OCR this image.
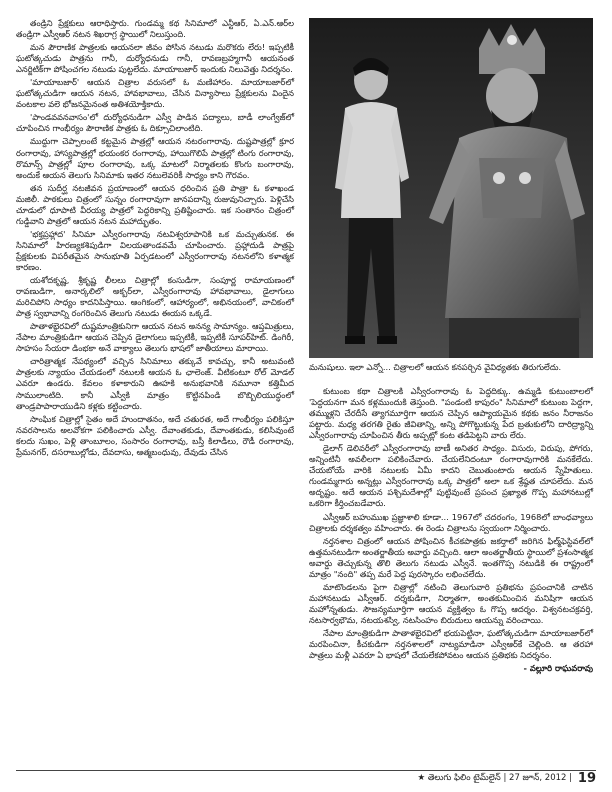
తండ్రిని ప్రేక్షకులు ఆరాధిస్తారు. గుండమ్మ కథ సినిమాలో ఎన్టీఆర్, ఏ.ఎన్.ఆర్‌ల తండ్రిగా ఎస్వీఆర్ నటన శిఖరాగ్ర స్థాయిలో నిలుస్తుంది.

మన పౌరాణిక పాత్రలకు ఆయనలా జీవం పోసిన నటుడు మరొకరు లేరు! ఇప్పటికీ ఘటోత్కచుడు పాత్రను గానీ, దుర్యోధనుడు గానీ, రావణబ్రహ్మగానీ ఆయనంత ఎనర్జిటిక్‌గా పోషించగల నటుడు పుట్టలేదు. మాయాబజార్ ఇందుకు నిలువెత్తు నిదర్శనం.

'మాయాబజార్' ఆయన చిత్రాల వరుసలో ఓ మణిహారం. మాయాబజార్‌లో ఘటోత్కచుడిగా ఆయన నటన, హావభావాలు, చేసిన విన్యాసాలు ప్రేక్షకులను విందైన వంటకాల వలె భోజనమైనంత అతిశయోక్తికాదు.

'పాండవవనవాసం'లో దుర్యోధనుడిగా ఎస్వీ పాడిన పద్యాలు, బాడీ లాంగ్వేజ్‌లో చూపించిన గాంభీర్యం పౌరాణిక పాత్రకు ఓ దిక్సూచిలాంటిది.

ముద్దుగా చెప్పాలంటే కట్టమైన పాత్రల్లో ఆయన నటరంగారావు. దుష్టపాత్రల్లో క్రూర రంగారావు, హాస్యపాత్రల్లో భయంకర రంగారావు, హాయిగొలిపే పాత్రల్లో టింగు రంగారావు, రొమాన్స్ పాత్రల్లో పూల రంగారావు, ఒక్క మాటలో నిర్మాతలకు కొంగు బంగారావు, అందుకే ఆయన తెలుగు సినిమాకు ఇతర నటులెవరికీ సాధ్యం కాని గౌరవం.

తన సుదీర్ఘ నటజీవన ప్రయాణంలో ఆయన ధరించిన ప్రతి పాత్రా ఓ కళాఖండ మజిలీ. పాఠకులు చిత్రంలో సున్నం రంగారావుగా జానపదాన్ని రుజువునిచ్చారు. పెళ్లిచేసి చూడులో ధూపాటి వీరయ్య పాత్రలో పెద్దరికాన్ని ప్రతిష్టించారు. ఇక సంతానం చిత్రంలో గుడ్డివాని పాత్రలో ఆయన నటన మహాద్భుతం.

'భక్తప్రహ్లాద' సినిమా ఎస్వీరంగారావు నటవిశ్వరూపానికి ఒక మచ్చుతునక. ఈ సినిమాలో హిరణ్యకశిపుడిగా విలయతాండవమే చూపించారు. ప్రహ్లాదుడి పాత్రపై ప్రేక్షకులకు విపరీతమైన సానుభూతి ఏర్పడటంలో ఎస్వీరంగారావు నటనలోని కళాత్మక కారణం.

యశోదకృష్ణ, శ్రీకృష్ణ లీలలు చిత్రాల్లో కంసుడిగా, సంపూర్ణ రామాయణంలో రావణుడిగా, అనార్కలిలో అక్బర్‌లా, ఎస్వీరంగారావు హావభావాలు, డైలాగులు మరిచిపోని సాధ్యం కాదనిపిస్తాయి. ఆంగికంలో, ఆహార్యంలో, అభినయంలో, వాచికంలో పాత్ర స్వభావాన్ని రంగరించిన తెలుగు నటుడు ఈయన ఒక్కడే.

పాతాళభైరవిలో దుష్టమాంత్రికునిగా ఆయన నటన అనన్య సామాన్యం. ఆప్తమిత్రులు, నేపాల మాంత్రికుడిగా ఆయన చెప్పిన డైలాగులు ఇప్పటికీ, ఇప్పటికీ సూపర్‌హిట్. డింగిరీ, సాహసం సేయరా డింభకా అనే వాక్యాలు తెలుగు భాషలో జాతీయాలు మారాయి.

చారిత్రాత్మక నేపథ్యంలో వచ్చిన సినిమాలు తక్కువే కావచ్చు, కానీ అటువంటి పాత్రలకు న్యాయం చేయడంలో నటులకి ఆయన ఓ ఛాలెంజ్. వీటికంటూ రోల్ మోడల్ ఎవరూ ఉండరు. కేవలం కళాకారుని ఊహకి అనుభవానికి నమూనా కత్తిమీద సాములాంటిది. కానీ ఎస్వీకి మాత్రం కొట్టినపిండి బొబ్బిలియుద్ధంలో తాండ్రపాపారాయుడిని కళ్లకు కట్టించారు.

సాంఘిక చిత్రాల్లో సైతం అదే హుందాతనం, అదే చతురత, అదే గాంభీర్యం పలికిస్తూ నవరసాలను అలవోకగా పలికించారు ఎస్వీ. దేవాంతకుడు, దేవాంతకుడు, కలిసివుంటే కలదు సుఖం, పెళ్లి తాంబూలం, సంసారం రంగారావు, బస్తీ కిలాడీలు, రౌడీ రంగారావు, ప్రేమనగర్, దసరాబుల్లోడు, దేవదాసు, ఆత్మబంధువు, దేవుడు చేసిన

మనుషులు. ఇలా ఎన్నో... చిత్రాలలో ఆయన కనపర్చిన వైవిధ్యతకు తిరుగులేదు.

కుటుంబ కథా చిత్రాలకి ఎస్వీరంగారావు ఓ పెద్దదిక్కు. ఉమ్మడి కుటుంబాలలో 'పెద్దయనగా మన కళ్లముందుకి తెస్తుంది. "పండంటి కాపురం" సినిమాలో కుటుంబ పెద్దగా, తమ్ముళ్లని చేరదీసే త్యాగమూర్తిగా ఆయన చెప్పిన ఆప్యాయమైన కథకు జనం నీరాజనం పట్టారు. మధ్య తరగతి రైతు జీవితాన్ని, అన్ని పోగొట్టుకున్న పేద బ్రతుకులోని దారిద్ర్యాన్ని ఎస్వీరంగారావు చూపించిన తీరు అప్పట్లో కంట తడిపెట్టని వారు లేరు.

డైలాగ్ డెలివరీలో ఎస్వీరంగారావు బాణీ అనితర సాధ్యం. విసురు, విరుపు, పోగరు, అన్నింటినీ అవలీలగా పలికించేవారు. చేయలేనిదంటూ రంగారావుగారికి మనకేలేదు. చేయబోయే వారికి నటులకు ఏమీ కాదని చెబుతుంటారు ఆయన స్నేహితులు. గుండమ్మగారు అన్నట్లు ఎస్వీరంగారావు ఒక్క పాత్రలో అలా ఒక శ్రేష్ఠత చూపలేదు. మన అదృష్టం. అదే ఆయన పశ్చిమదేశాల్లో పుట్టివుంటే ప్రపంచ ప్రఖ్యాత గొప్ప మహానటుల్లో ఒకరిగా కీర్తించబడేవారు.

ఎస్వీఆర్ బహుముఖ ప్రజ్ఞాశాలి కూడా... 1967లో చదరంగం, 1968లో బాంధవ్యాలు చిత్రాలకు దర్శకత్వం వహించారు. ఈ రెండు చిత్రాలను స్వయంగా నిర్మించారు.

నర్తనశాల చిత్రంలో ఆయన పోషించిన కీచకపాత్రకు జకర్తాలో జరిగిన ఫిల్మ్‌ఫెస్టివల్‌లో ఉత్తమనటుడిగా అంతర్జాతీయ అవార్డు వచ్చింది. ఆలా అంతర్జాతీయ స్థాయిలో ప్రశంసాత్మక అవార్డు తెచ్చుకున్న తొలి తెలుగు నటుడు ఎస్వీనే. ఇంతగొప్ప నటుడికి ఈ రాష్ట్రంలో మాత్రం "నంది" తప్ప మరే పెద్ద పురస్కారం లభించలేదు.

మాటొండలను పైగా చిత్రాల్లో నటించి తెలుగువారి ప్రతిభను ప్రపంచానికి చాటిన మహానటుడు ఎస్వీఆర్. దర్శకుడిగా, నిర్మాతగా, అంతకుమించిన మనిషిగా ఆయన మహోన్నతుడు. సౌజన్యమూర్తిగా ఆయన వ్యక్తిత్వం ఓ గొప్ప ఆదర్శం. విశ్వనటచక్రవర్తి, నటసార్వభౌమ, నటయశస్వి, నటసింహం బిరుదులు ఆయన్ను వరించాయి.

నేపాల మాంత్రికుడిగా పాతాళభైరవిలో భయపెట్టినా, ఘటోత్కచుడిగా మాయాబజార్‌లో మరపించినా, కీచకుడిగా నర్తనశాలలో నాట్యమాడినా ఎస్వీఆర్‌కే చెల్లింది. ఆ తరహా పాత్రలు మళ్లీ ఎవరూ ఏ భాషలో చేయలేకపోవటం ఆయన ప్రతిభకు నిదర్శనం.

- వల్లూరి రాఘవరావు

★ తెలుగు ఫిలిం టైమ్‌లైన్ | 27 జూన్, 2012 | 19
